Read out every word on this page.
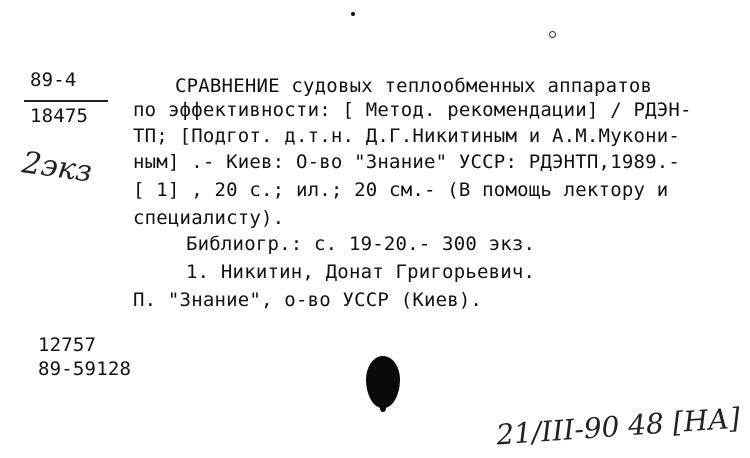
89-4
18475
2экз
СРАВНЕНИЕ судовых теплообменных аппаратов
по эффективности: [ Метод. рекомендации] / РДЭН-
ТП; [Подгот. д.т.н. Д.Г.Никитиным и А.М.Мукони-
ным] .- Киев: О-во "Знание" УССР: РДЭНТП,1989.-
[ 1] , 20 с.; ил.; 20 см.- (В помощь лектору и
специалисту).
Библиогр.: с. 19-20.- 300 экз.
1. Никитин, Донат Григорьевич.
П. "Знание", о-во УССР (Киев).
12757
89-59128
21/III-90 48 [НА]
